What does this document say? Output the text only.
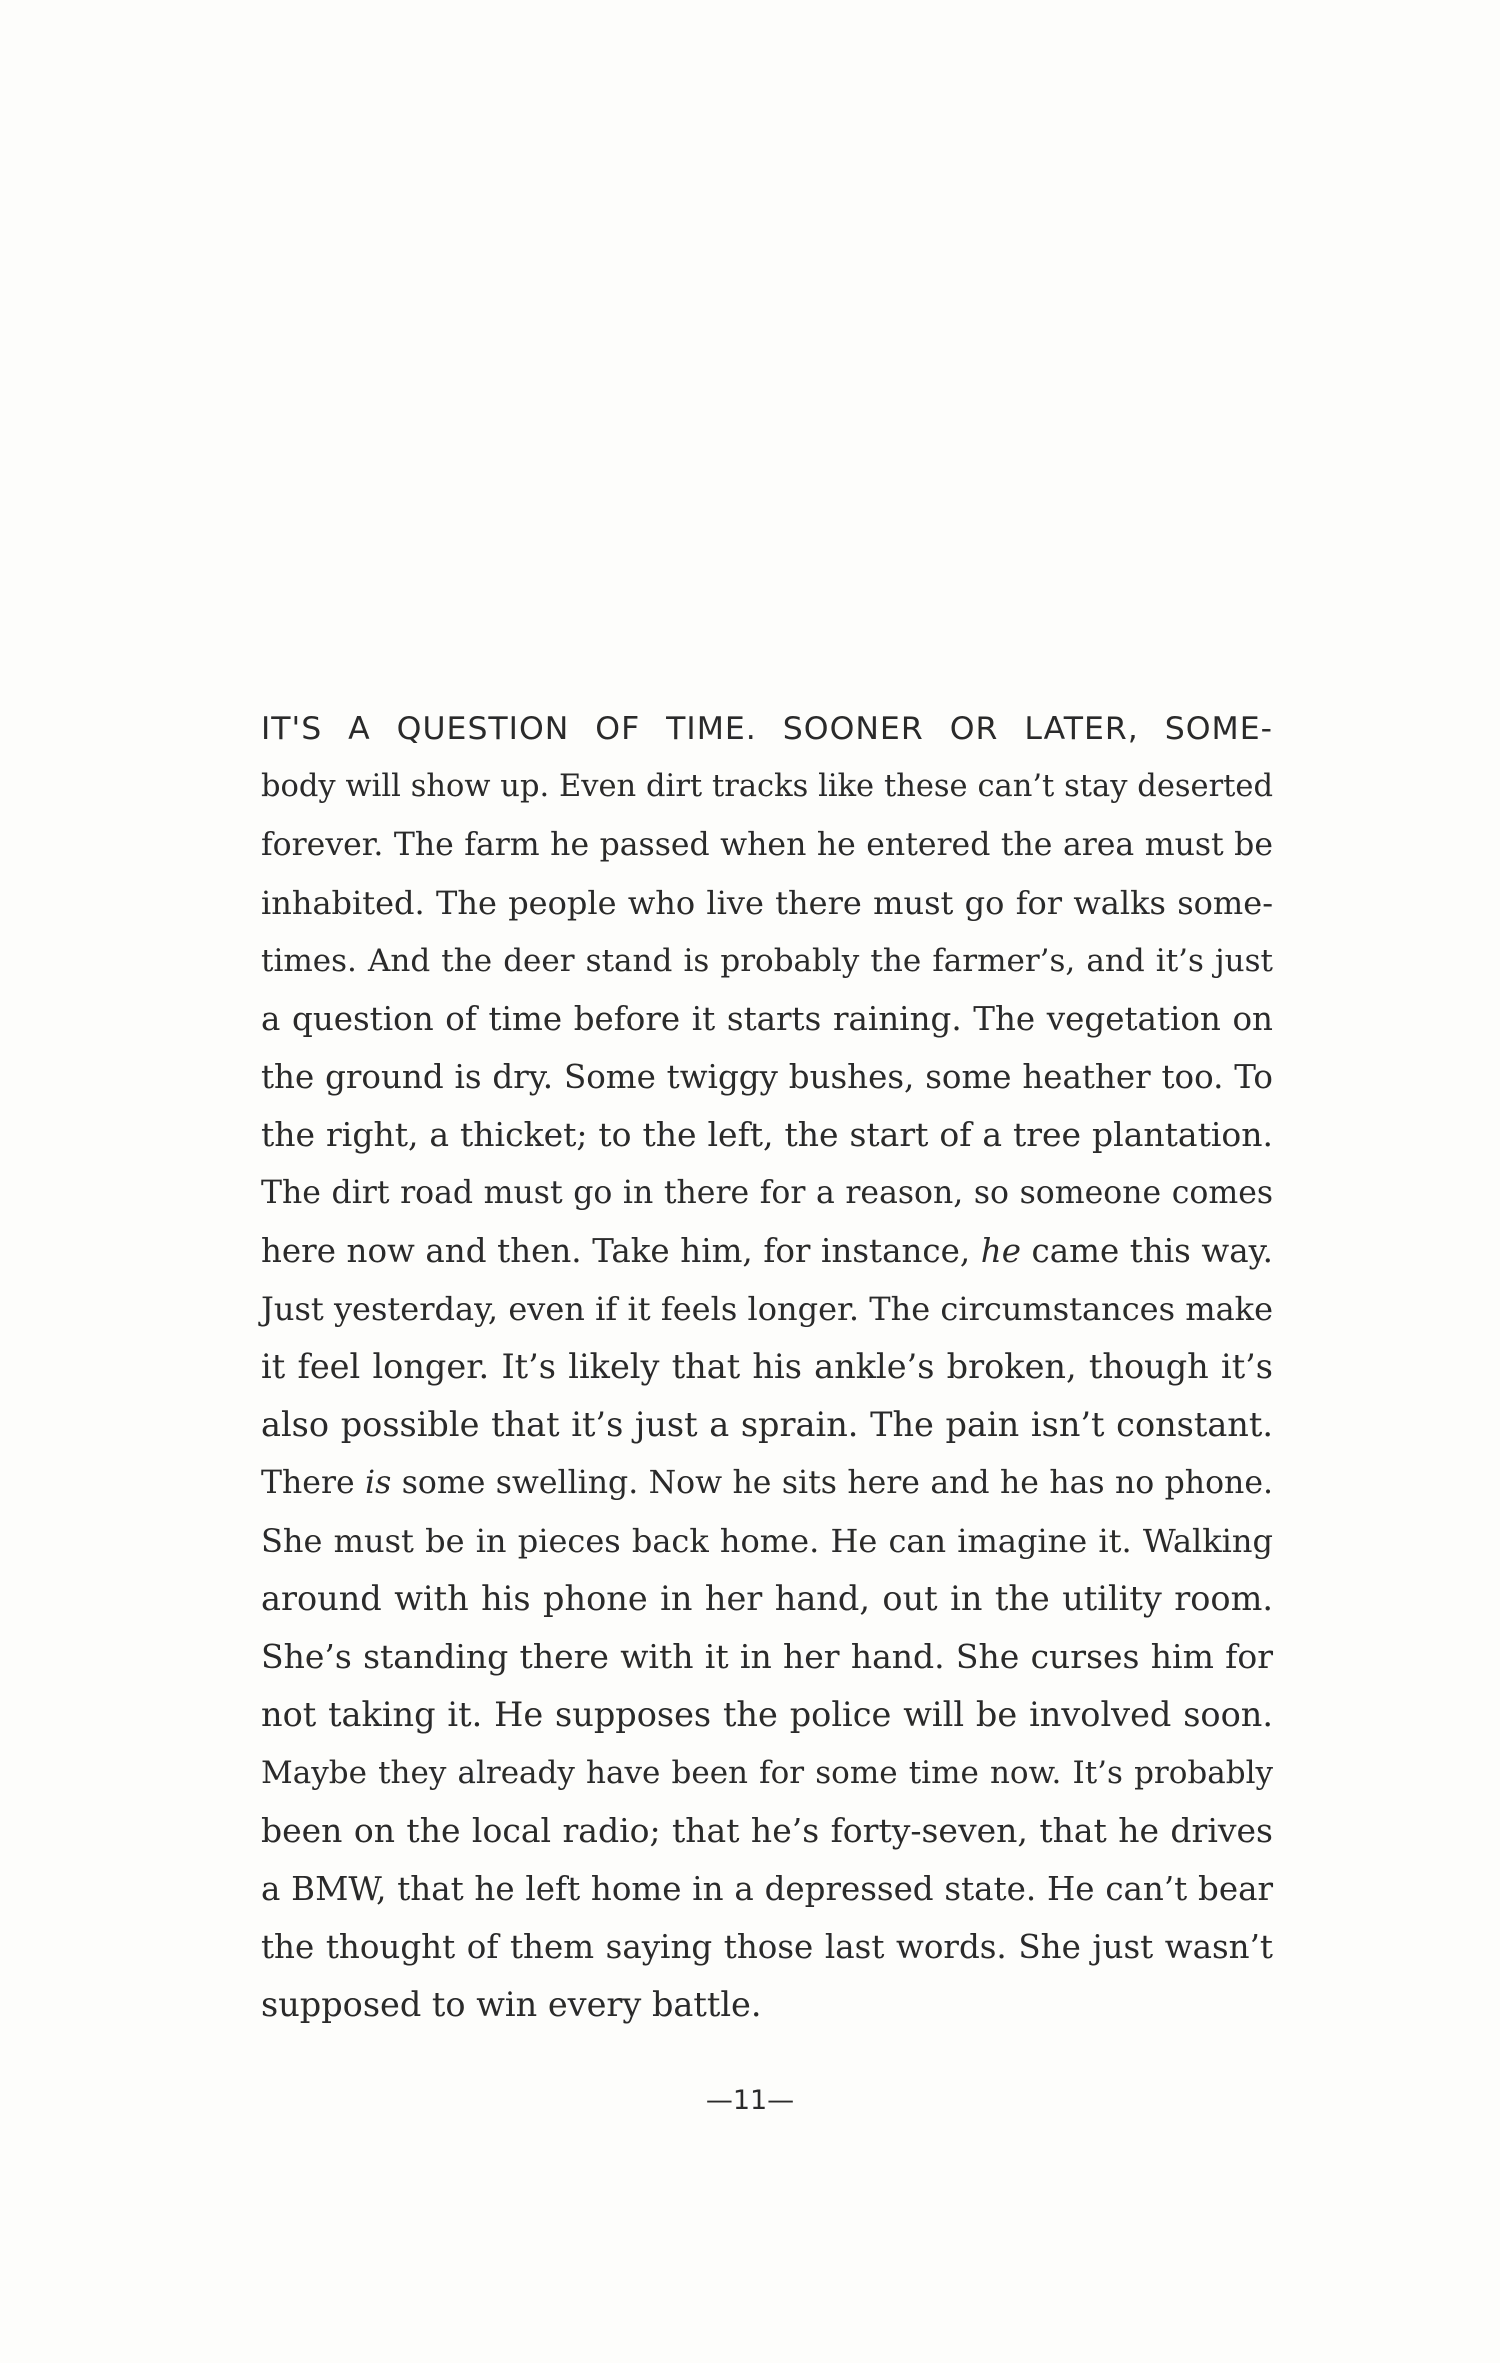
IT'S A QUESTION OF TIME. SOONER OR LATER, SOME-
body will show up. Even dirt tracks like these can’t stay deserted
forever. The farm he passed when he entered the area must be
inhabited. The people who live there must go for walks some-
times. And the deer stand is probably the farmer’s, and it’s just
a question of time before it starts raining. The vegetation on
the ground is dry. Some twiggy bushes, some heather too. To
the right, a thicket; to the left, the start of a tree plantation.
The dirt road must go in there for a reason, so someone comes
here now and then. Take him, for instance, he came this way.
Just yesterday, even if it feels longer. The circumstances make
it feel longer. It’s likely that his ankle’s broken, though it’s
also possible that it’s just a sprain. The pain isn’t constant.
There is some swelling. Now he sits here and he has no phone.
She must be in pieces back home. He can imagine it. Walking
around with his phone in her hand, out in the utility room.
She’s standing there with it in her hand. She curses him for
not taking it. He supposes the police will be involved soon.
Maybe they already have been for some time now. It’s probably
been on the local radio; that he’s forty-seven, that he drives
a BMW, that he left home in a depressed state. He can’t bear
the thought of them saying those last words. She just wasn’t
supposed to win every battle.
—11—
